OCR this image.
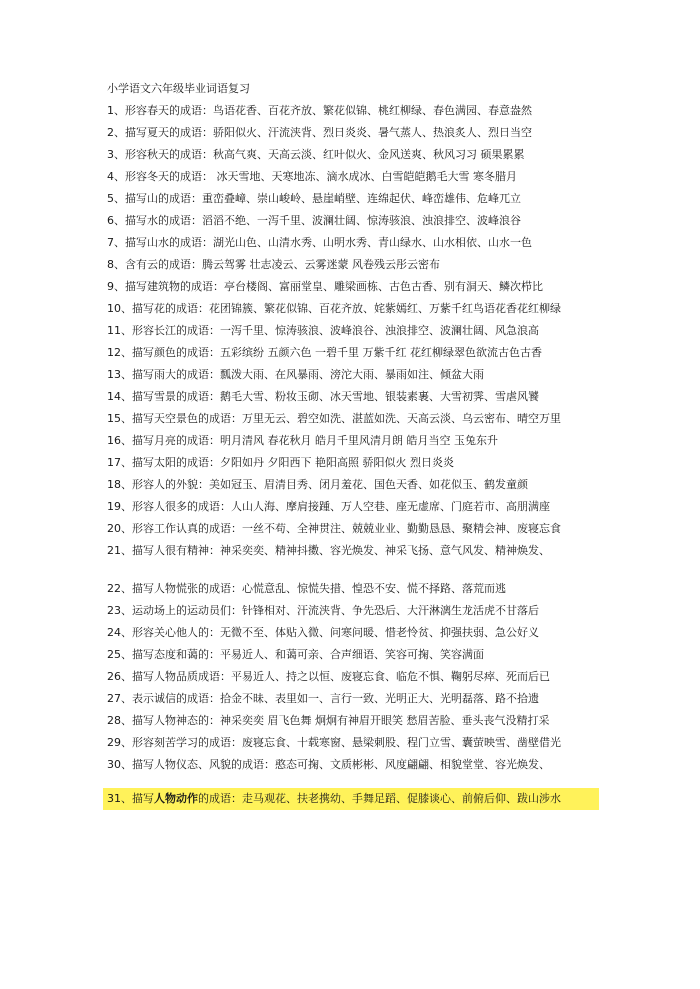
小学语文六年级毕业词语复习
1、形容春天的成语：鸟语花香、百花齐放、繁花似锦、桃红柳绿、春色满园、春意盎然
2、描写夏天的成语：骄阳似火、汗流浃背、烈日炎炎、暑气蒸人、热浪炙人、烈日当空
3、形容秋天的成语：秋高气爽、天高云淡、红叶似火、金风送爽、秋风习习 硕果累累
4、形容冬天的成语： 冰天雪地、天寒地冻、滴水成冰、白雪皑皑鹅毛大雪 寒冬腊月
5、描写山的成语：重峦叠嶂、崇山峻岭、悬崖峭壁、连绵起伏、峰峦雄伟、危峰兀立
6、描写水的成语：滔滔不绝、一泻千里、波澜壮阔、惊涛骇浪、浊浪排空、波峰浪谷
7、描写山水的成语：湖光山色、山清水秀、山明水秀、青山绿水、山水相依、山水一色
8、含有云的成语：腾云驾雾 壮志凌云、云雾迷蒙 风卷残云彤云密布
9、描写建筑物的成语：亭台楼阁、富丽堂皇、雕梁画栋、古色古香、别有洞天、鳞次栉比
10、描写花的成语：花团锦簇、繁花似锦、百花齐放、姹紫嫣红、万紫千红鸟语花香花红柳绿
11、形容长江的成语：一泻千里、惊涛骇浪、波峰浪谷、浊浪排空、波澜壮阔、风急浪高
12、描写颜色的成语：五彩缤纷 五颜六色 一碧千里 万紫千红 花红柳绿翠色欲流古色古香
13、描写雨大的成语：瓢泼大雨、在风暴雨、滂沱大雨、暴雨如注、倾盆大雨
14、描写雪景的成语：鹅毛大雪、粉妆玉砌、冰天雪地、银装素裹、大雪初霁、雪虐风饕
15、描写天空景色的成语：万里无云、碧空如洗、湛蓝如洗、天高云淡、乌云密布、晴空万里
16、描写月亮的成语：明月清风 春花秋月 皓月千里风清月朗 皓月当空 玉兔东升
17、描写太阳的成语：夕阳如丹 夕阳西下 艳阳高照 骄阳似火 烈日炎炎
18、形容人的外貌：美如冠玉、眉清目秀、闭月羞花、国色天香、如花似玉、鹤发童颜
19、形容人很多的成语：人山人海、摩肩接踵、万人空巷、座无虚席、门庭若市、高朋满座
20、形容工作认真的成语：一丝不苟、全神贯注、兢兢业业、勤勤恳恳、聚精会神、废寝忘食
21、描写人很有精神：神采奕奕、精神抖擞、容光焕发、神采飞扬、意气风发、精神焕发、
22、描写人物慌张的成语：心慌意乱、惊慌失措、惶恐不安、慌不择路、落荒而逃
23、运动场上的运动员们：针锋相对、汗流浃背、争先恐后、大汗淋漓生龙活虎不甘落后
24、形容关心他人的：无微不至、体贴入微、问寒问暖、惜老怜贫、抑强扶弱、急公好义
25、描写态度和蔼的：平易近人、和蔼可亲、合声细语、笑容可掬、笑容满面
26、描写人物品质成语：平易近人、持之以恒、废寝忘食、临危不惧、鞠躬尽瘁、死而后已
27、表示诚信的成语：拾金不昧、表里如一、言行一致、光明正大、光明磊落、路不拾遗
28、描写人物神态的：神采奕奕 眉飞色舞 炯炯有神眉开眼笑 愁眉苦脸、垂头丧气没精打采
29、形容刻苦学习的成语：废寝忘食、十载寒窗、悬梁刺股、程门立雪、囊萤映雪、凿壁借光
30、描写人物仪态、风貌的成语：憨态可掬、文质彬彬、风度翩翩、相貌堂堂、容光焕发、
31、描写人物动作的成语：走马观花、扶老携幼、手舞足蹈、促膝谈心、前俯后仰、跋山涉水
